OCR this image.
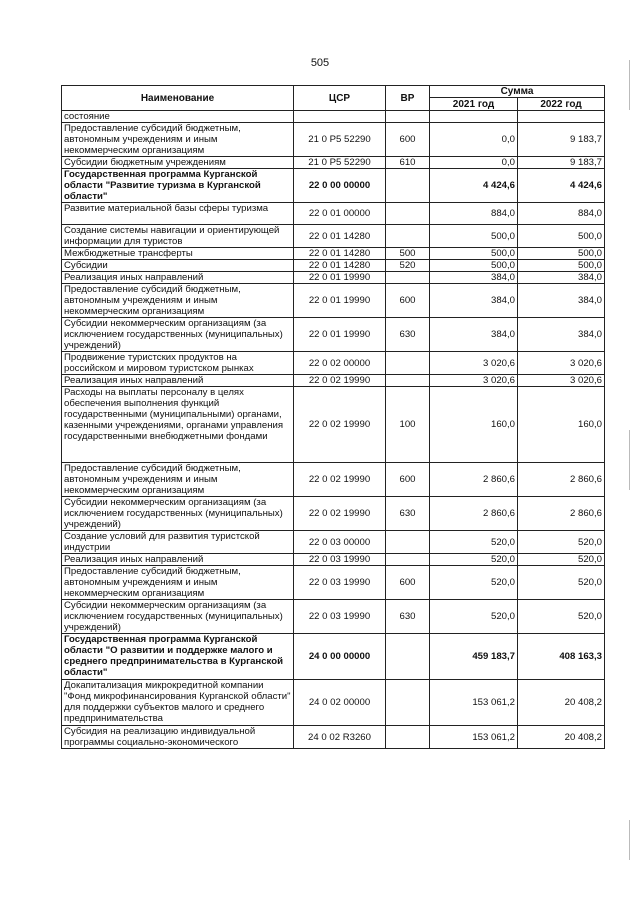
505
Наименование	ЦСР	ВР	Сумма	
			2021 год	2022 год
состояние				
Предоставление субсидий бюджетным, автономным учреждениям и иным некоммерческим организациям	21 0 P5 52290	600	0,0	9 183,7
Субсидии бюджетным учреждениям	21 0 P5 52290	610	0,0	9 183,7
Государственная программа Курганской области "Развитие туризма в Курганской области"	22 0 00 00000		4 424,6	4 424,6
Развитие материальной базы сферы туризма	22 0 01 00000		884,0	884,0
Создание системы навигации и ориентирующей информации для туристов	22 0 01 14280		500,0	500,0
Межбюджетные трансферты	22 0 01 14280	500	500,0	500,0
Субсидии	22 0 01 14280	520	500,0	500,0
Реализация иных направлений	22 0 01 19990		384,0	384,0
Предоставление субсидий бюджетным, автономным учреждениям и иным некоммерческим организациям	22 0 01 19990	600	384,0	384,0
Субсидии некоммерческим организациям (за исключением государственных (муниципальных) учреждений)	22 0 01 19990	630	384,0	384,0
Продвижение туристских продуктов на российском и мировом туристском рынках	22 0 02 00000		3 020,6	3 020,6
Реализация иных направлений	22 0 02 19990		3 020,6	3 020,6
Расходы на выплаты персоналу в целях обеспечения выполнения функций государственными (муниципальными) органами, казенными учреждениями, органами управления государственными внебюджетными фондами	22 0 02 19990	100	160,0	160,0
Предоставление субсидий бюджетным, автономным учреждениям и иным некоммерческим организациям	22 0 02 19990	600	2 860,6	2 860,6
Субсидии некоммерческим организациям (за исключением государственных (муниципальных) учреждений)	22 0 02 19990	630	2 860,6	2 860,6
Создание условий для развития туристской индустрии	22 0 03 00000		520,0	520,0
Реализация иных направлений	22 0 03 19990		520,0	520,0
Предоставление субсидий бюджетным, автономным учреждениям и иным некоммерческим организациям	22 0 03 19990	600	520,0	520,0
Субсидии некоммерческим организациям (за исключением государственных (муниципальных) учреждений)	22 0 03 19990	630	520,0	520,0
Государственная программа Курганской области "О развитии и поддержке малого и среднего предпринимательства в Курганской области"	24 0 00 00000		459 183,7	408 163,3
Докапитализация микрокредитной компании "Фонд микрофинансирования Курганской области" для поддержки субъектов малого и среднего предпринимательства	24 0 02 00000		153 061,2	20 408,2
Субсидия на реализацию индивидуальной программы социально-экономического	24 0 02 R3260		153 061,2	20 408,2
